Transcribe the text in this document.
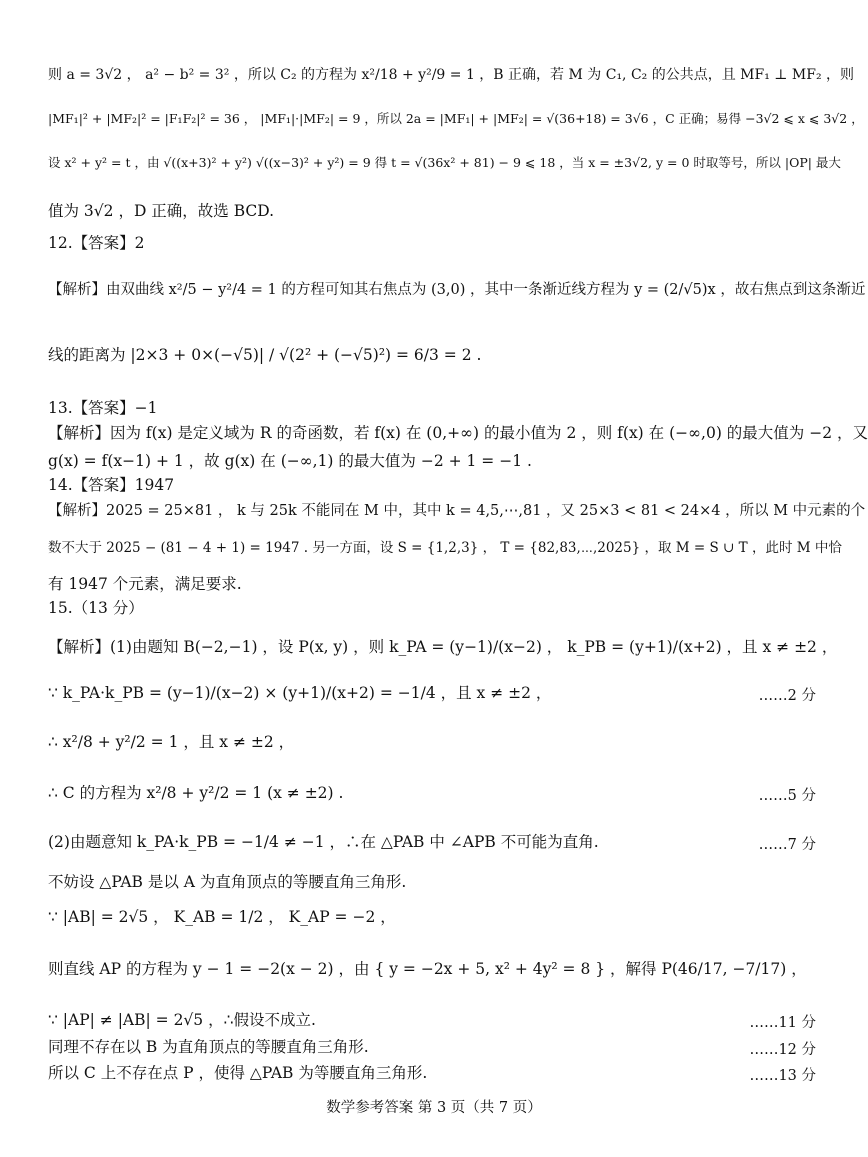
则 a = 3√2 ， a² − b² = 3² ，所以 C₂ 的方程为 x²/18 + y²/9 = 1 ，B 正确，若 M 为 C₁, C₂ 的公共点，且 MF₁ ⊥ MF₂ ，则
|MF₁|² + |MF₂|² = |F₁F₂|² = 36 ， |MF₁|·|MF₂| = 9 ，所以 2a = |MF₁| + |MF₂| = √(36+18) = 3√6 ，C 正确；易得 −3√2 ⩽ x ⩽ 3√2 ，
设 x² + y² = t ，由 √((x+3)² + y²) √((x−3)² + y²) = 9 得 t = √(36x² + 81) − 9 ⩽ 18 ，当 x = ±3√2, y = 0 时取等号，所以 |OP| 最大
值为 3√2 ，D 正确，故选 BCD.
12.【答案】2
【解析】由双曲线 x²/5 − y²/4 = 1 的方程可知其右焦点为 (3,0) ，其中一条渐近线方程为 y = (2/√5)x ，故右焦点到这条渐近
线的距离为 |2×3 + 0×(−√5)| / √(2² + (−√5)²) = 6/3 = 2 .
13.【答案】−1
【解析】因为 f(x) 是定义域为 R 的奇函数，若 f(x) 在 (0,+∞) 的最小值为 2 ，则 f(x) 在 (−∞,0) 的最大值为 −2 ，又
g(x) = f(x−1) + 1 ，故 g(x) 在 (−∞,1) 的最大值为 −2 + 1 = −1 .
14.【答案】1947
【解析】2025 = 25×81 ， k 与 25k 不能同在 M 中，其中 k = 4,5,⋯,81 ，又 25×3 < 81 < 24×4 ，所以 M 中元素的个
数不大于 2025 − (81 − 4 + 1) = 1947 . 另一方面，设 S = {1,2,3} ， T = {82,83,⋯,2025} ，取 M = S ∪ T ，此时 M 中恰
有 1947 个元素，满足要求.
15.（13 分）
【解析】(1)由题知 B(−2,−1) ，设 P(x, y) ，则 k_PA = (y−1)/(x−2) ， k_PB = (y+1)/(x+2) ，且 x ≠ ±2 ，
∵ k_PA·k_PB = (y−1)/(x−2) × (y+1)/(x+2) = −1/4 ，且 x ≠ ±2 ，
∴ x²/8 + y²/2 = 1 ，且 x ≠ ±2 ，
∴ C 的方程为 x²/8 + y²/2 = 1 (x ≠ ±2) .
(2)由题意知 k_PA·k_PB = −1/4 ≠ −1 ，∴在 △PAB 中 ∠APB 不可能为直角.
不妨设 △PAB 是以 A 为直角顶点的等腰直角三角形.
∵ |AB| = 2√5 ， K_AB = 1/2 ， K_AP = −2 ，
则直线 AP 的方程为 y − 1 = −2(x − 2) ，由 { y = −2x + 5, x² + 4y² = 8 } ，解得 P(46/17, −7/17) ，
∵ |AP| ≠ |AB| = 2√5 ，∴假设不成立.
同理不存在以 B 为直角顶点的等腰直角三角形.
所以 C 上不存在点 P ，使得 △PAB 为等腰直角三角形.
……2 分
……5 分
……7 分
……11 分
……12 分
……13 分
数学参考答案 第 3 页（共 7 页）
